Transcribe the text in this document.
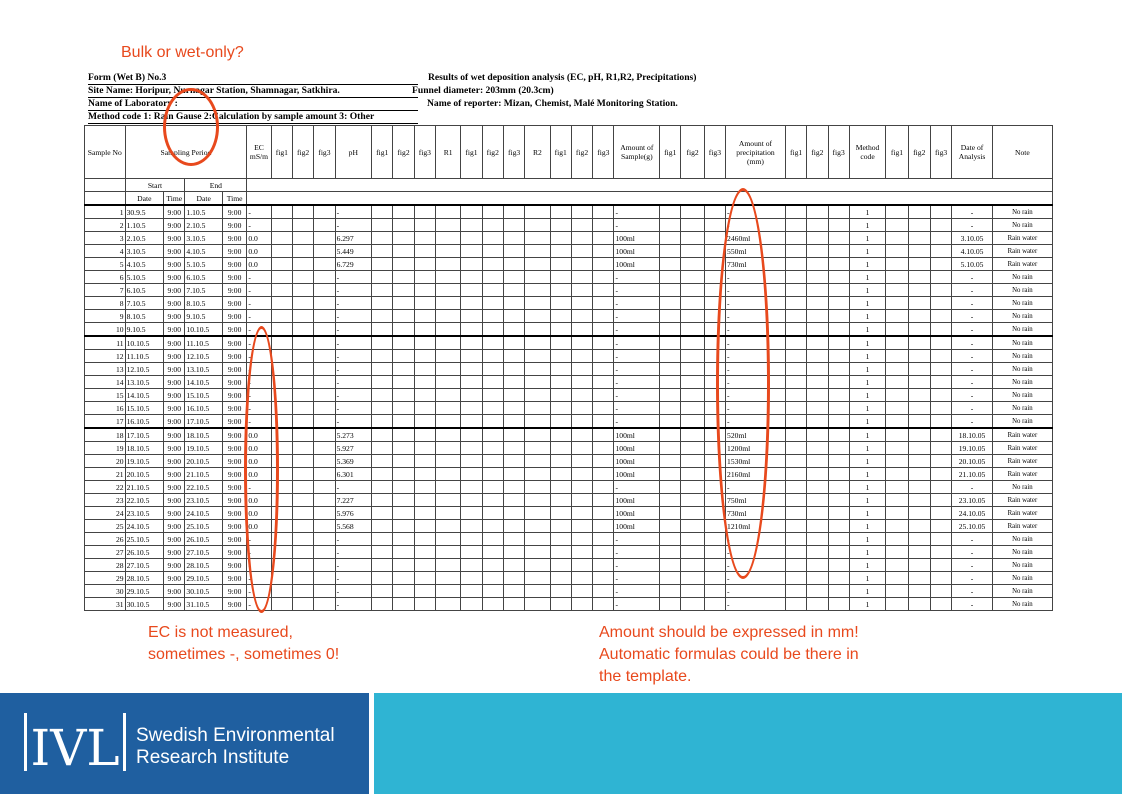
Bulk or wet-only?
Form (Wet B) No.3	Results of wet deposition analysis (EC, pH, R1,R2, Precipitations)
Site Name: Horipur, Nurnagar Station, Shamnagar, Satkhira.	Funnel diameter: 203mm (20.3cm)
Name of Laboratory :	Name of reporter: Mizan, Chemist, Malé Monitoring Station.
Method code 1: Rain Gause 2:Calculation by sample amount 3: Other
Sample No	Sampling Period				EC mS/m	fig1	fig2	fig3	pH	fig1	fig2	fig3	R1	fig1	fig2	fig3	R2	fig1	fig2	fig3	Amount of Sample(g)	fig1	fig2	fig3	Amount of precipitation (mm)	fig1	fig2	fig3	Method code	fig1	fig2	fig3	Date of Analysis	Note
	Start		End																															
	Date	Time	Date	Time																														
1	30.9.5	9:00	1.10.5	9:00	-				-												-				-				1				-	No rain
2	1.10.5	9:00	2.10.5	9:00	-				-												-				-				1				-	No rain
3	2.10.5	9:00	3.10.5	9:00	0.0				6.297												100ml				2460ml				1				3.10.05	Rain water
4	3.10.5	9:00	4.10.5	9:00	0.0				5.449												100ml				550ml				1				4.10.05	Rain water
5	4.10.5	9:00	5.10.5	9:00	0.0				6.729												100ml				730ml				1				5.10.05	Rain water
6	5.10.5	9:00	6.10.5	9:00	-				-												-				-				1				-	No rain
7	6.10.5	9:00	7.10.5	9:00	-				-												-				-				1				-	No rain
8	7.10.5	9:00	8.10.5	9:00	-				-												-				-				1				-	No rain
9	8.10.5	9:00	9.10.5	9:00	-				-												-				-				1				-	No rain
10	9.10.5	9:00	10.10.5	9:00	-				-												-				-				1				-	No rain
11	10.10.5	9:00	11.10.5	9:00	-				-												-				-				1				-	No rain
12	11.10.5	9:00	12.10.5	9:00	-				-												-				-				1				-	No rain
13	12.10.5	9:00	13.10.5	9:00	-				-												-				-				1				-	No rain
14	13.10.5	9:00	14.10.5	9:00	-				-												-				-				1				-	No rain
15	14.10.5	9:00	15.10.5	9:00	-				-												-				-				1				-	No rain
16	15.10.5	9:00	16.10.5	9:00	-				-												-				-				1				-	No rain
17	16.10.5	9:00	17.10.5	9:00	-				-												-				-				1				-	No rain
18	17.10.5	9:00	18.10.5	9:00	0.0				5.273												100ml				520ml				1				18.10.05	Rain water
19	18.10.5	9:00	19.10.5	9:00	0.0				5.927												100ml				1200ml				1				19.10.05	Rain water
20	19.10.5	9:00	20.10.5	9:00	0.0				5.369												100ml				1530ml				1				20.10.05	Rain water
21	20.10.5	9:00	21.10.5	9:00	0.0				6.301												100ml				2160ml				1				21.10.05	Rain water
22	21.10.5	9:00	22.10.5	9:00	-				-												-				-				1				-	No rain
23	22.10.5	9:00	23.10.5	9:00	0.0				7.227												100ml				750ml				1				23.10.05	Rain water
24	23.10.5	9:00	24.10.5	9:00	0.0				5.976												100ml				730ml				1				24.10.05	Rain water
25	24.10.5	9:00	25.10.5	9:00	0.0				5.568												100ml				1210ml				1				25.10.05	Rain water
26	25.10.5	9:00	26.10.5	9:00	-				-												-				-				1				-	No rain
27	26.10.5	9:00	27.10.5	9:00	-				-												-				-				1				-	No rain
28	27.10.5	9:00	28.10.5	9:00	-				-												-				-				1				-	No rain
29	28.10.5	9:00	29.10.5	9:00	-				-												-				-				1				-	No rain
30	29.10.5	9:00	30.10.5	9:00	-				-												-				-				1				-	No rain
31	30.10.5	9:00	31.10.5	9:00	-				-												-				-				1				-	No rain
EC is not measured,
sometimes -, sometimes 0!
Amount should be expressed in mm!
Automatic formulas could be there in
the template.
IVL Swedish Environmental
Research Institute
